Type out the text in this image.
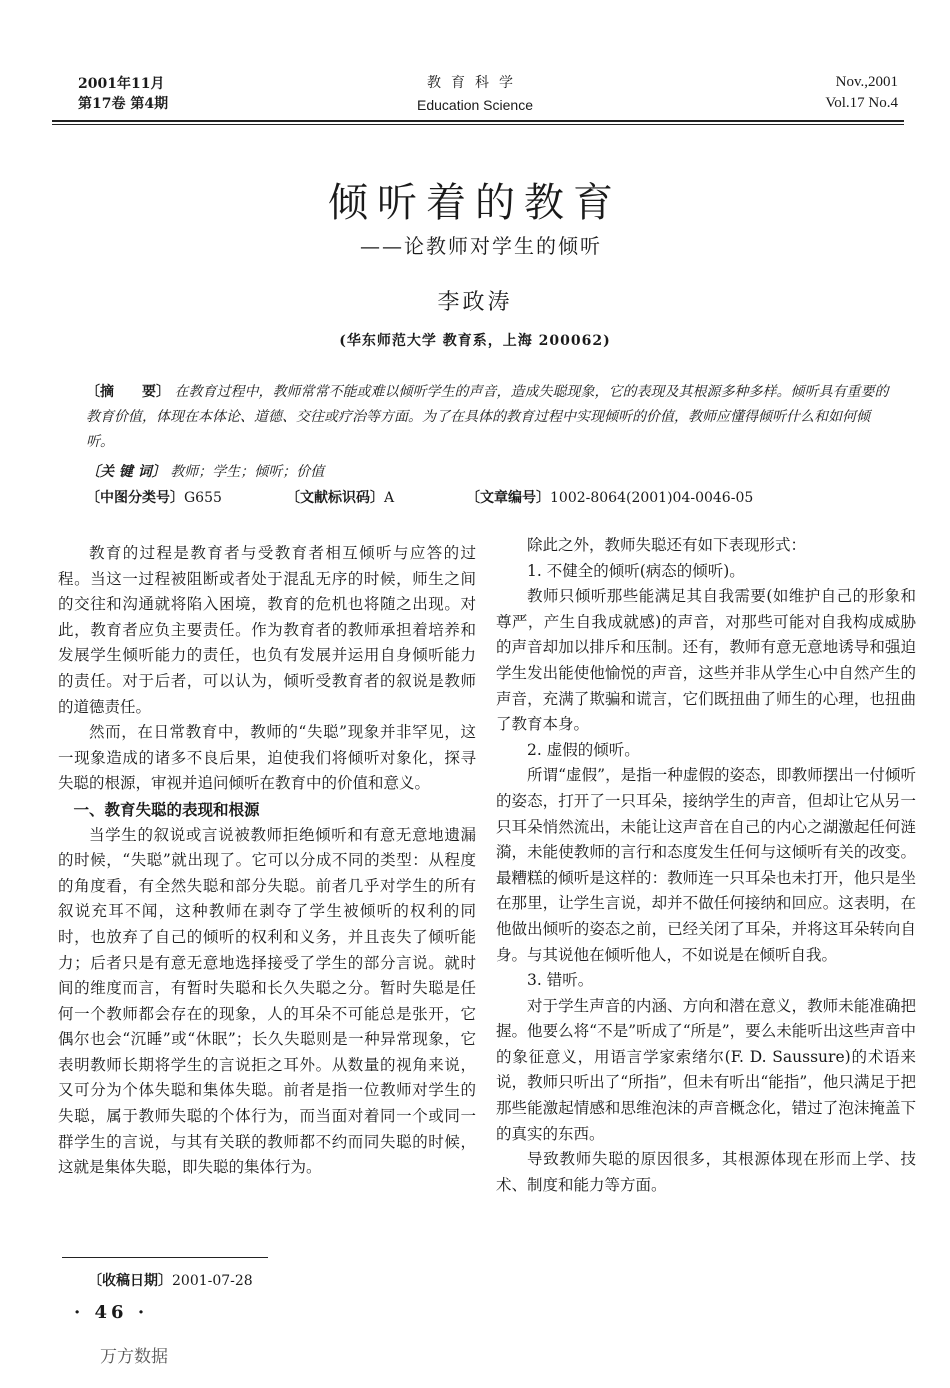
2001年11月
第17卷 第4期
教育科学
Education Science
Nov.,2001
Vol.17 No.4
倾听着的教育
——论教师对学生的倾听
李政涛
(华东师范大学 教育系，上海 200062)
〔摘　　要〕 在教育过程中，教师常常不能或难以倾听学生的声音，造成失聪现象，它的表现及其根源多种多样。倾听具有重要的教育价值，体现在本体论、道德、交往或疗治等方面。为了在具体的教育过程中实现倾听的价值，教师应懂得倾听什么和如何倾听。
〔关 键 词〕 教师；学生；倾听；价值
〔中图分类号〕G655	〔文献标识码〕A	〔文章编号〕1002-8064(2001)04-0046-05

教育的过程是教育者与受教育者相互倾听与应答的过程。当这一过程被阻断或者处于混乱无序的时候，师生之间的交往和沟通就将陷入困境，教育的危机也将随之出现。对此，教育者应负主要责任。作为教育者的教师承担着培养和发展学生倾听能力的责任，也负有发展并运用自身倾听能力的责任。对于后者，可以认为，倾听受教育者的叙说是教师的道德责任。

然而，在日常教育中，教师的“失聪”现象并非罕见，这一现象造成的诸多不良后果，迫使我们将倾听对象化，探寻失聪的根源，审视并追问倾听在教育中的价值和意义。

一、教育失聪的表现和根源

当学生的叙说或言说被教师拒绝倾听和有意无意地遗漏的时候，“失聪”就出现了。它可以分成不同的类型：从程度的角度看，有全然失聪和部分失聪。前者几乎对学生的所有叙说充耳不闻，这种教师在剥夺了学生被倾听的权利的同时，也放弃了自己的倾听的权利和义务，并且丧失了倾听能力；后者只是有意无意地选择接受了学生的部分言说。就时间的维度而言，有暂时失聪和长久失聪之分。暂时失聪是任何一个教师都会存在的现象，人的耳朵不可能总是张开，它偶尔也会“沉睡”或“休眠”；长久失聪则是一种异常现象，它表明教师长期将学生的言说拒之耳外。从数量的视角来说，又可分为个体失聪和集体失聪。前者是指一位教师对学生的失聪，属于教师失聪的个体行为，而当面对着同一个或同一群学生的言说，与其有关联的教师都不约而同失聪的时候，这就是集体失聪，即失聪的集体行为。

除此之外，教师失聪还有如下表现形式：

1. 不健全的倾听(病态的倾听)。

教师只倾听那些能满足其自我需要(如维护自己的形象和尊严，产生自我成就感)的声音，对那些可能对自我构成威胁的声音却加以排斥和压制。还有，教师有意无意地诱导和强迫学生发出能使他愉悦的声音，这些并非从学生心中自然产生的声音，充满了欺骗和谎言，它们既扭曲了师生的心理，也扭曲了教育本身。

2. 虚假的倾听。

所谓“虚假”，是指一种虚假的姿态，即教师摆出一付倾听的姿态，打开了一只耳朵，接纳学生的声音，但却让它从另一只耳朵悄然流出，未能让这声音在自己的内心之湖激起任何涟漪，未能使教师的言行和态度发生任何与这倾听有关的改变。最糟糕的倾听是这样的：教师连一只耳朵也未打开，他只是坐在那里，让学生言说，却并不做任何接纳和回应。这表明，在他做出倾听的姿态之前，已经关闭了耳朵，并将这耳朵转向自身。与其说他在倾听他人，不如说是在倾听自我。

3. 错听。

对于学生声音的内涵、方向和潜在意义，教师未能准确把握。他要么将“不是”听成了“所是”，要么未能听出这些声音中的象征意义，用语言学家索绪尔(F. D. Saussure)的术语来说，教师只听出了“所指”，但未有听出“能指”，他只满足于把那些能激起情感和思维泡沫的声音概念化，错过了泡沫掩盖下的真实的东西。

导致教师失聪的原因很多，其根源体现在形而上学、技术、制度和能力等方面。

〔收稿日期〕2001-07-28
· 46 ·
万方数据
